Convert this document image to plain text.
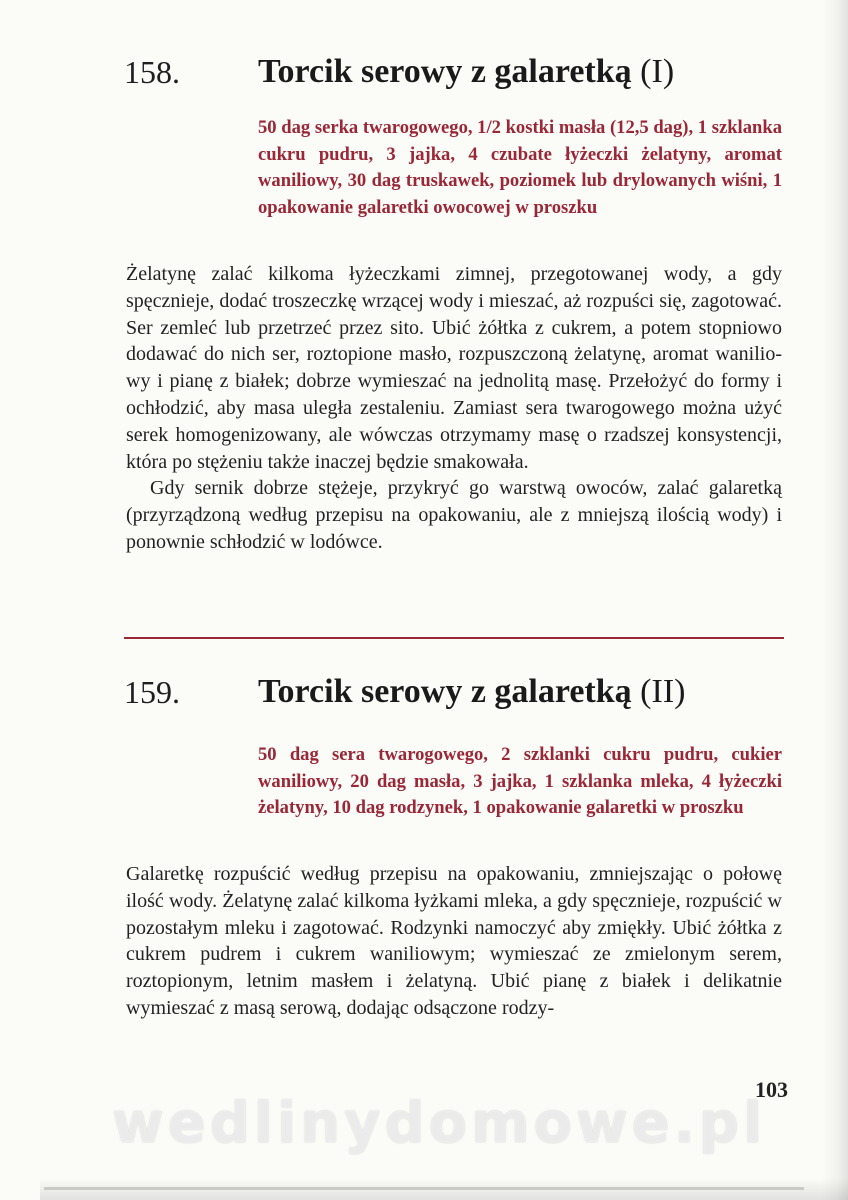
158. Torcik serowy z galaretką (I)
50 dag serka twarogowego, 1/2 kostki masła (12,5 dag), 1 szklanka cukru pudru, 3 jajka, 4 czubate łyżeczki żelatyny, aromat waniliowy, 30 dag truskawek, poziomek lub drylowanych wiśni, 1 opakowanie galaretki owocowej w proszku

Żelatynę zalać kilkoma łyżeczkami zimnej, przegotowanej wody, a gdy spęcznieje, dodać troszeczkę wrzącej wody i mieszać, aż rozpuści się, zagotować. Ser zemleć lub przetrzeć przez sito. Ubić żółtka z cukrem, a potem stopniowo dodawać do nich ser, roztopione masło, rozpuszczoną żelatynę, aromat waniliowy i pianę z białek; dobrze wymieszać na jednolitą masę. Przełożyć do formy i ochłodzić, aby masa uległa zestaleniu. Zamiast sera twarogowego można użyć serek homogenizowany, ale wówczas otrzymamy masę o rzadszej konsystencji, która po stężeniu także inaczej będzie smakowała.

Gdy sernik dobrze stężeje, przykryć go warstwą owoców, zalać galaretką (przyrządzoną według przepisu na opakowaniu, ale z mniejszą ilością wody) i ponownie schłodzić w lodówce.

159. Torcik serowy z galaretką (II)
50 dag sera twarogowego, 2 szklanki cukru pudru, cukier waniliowy, 20 dag masła, 3 jajka, 1 szklanka mleka, 4 łyżeczki żelatyny, 10 dag rodzynek, 1 opakowanie galaretki w proszku

Galaretkę rozpuścić według przepisu na opakowaniu, zmniejszając o połowę ilość wody. Żelatynę zalać kilkoma łyżkami mleka, a gdy spęcznieje, rozpuścić w pozostałym mleku i zagotować. Rodzynki namoczyć aby zmiękły. Ubić żółtka z cukrem pudrem i cukrem waniliowym; wymieszać ze zmielonym serem, roztopionym, letnim masłem i żelatyną. Ubić pianę z białek i delikatnie wymieszać z masą serową, dodając odsączone rodzy-

103
wedlinydomowe.pl
